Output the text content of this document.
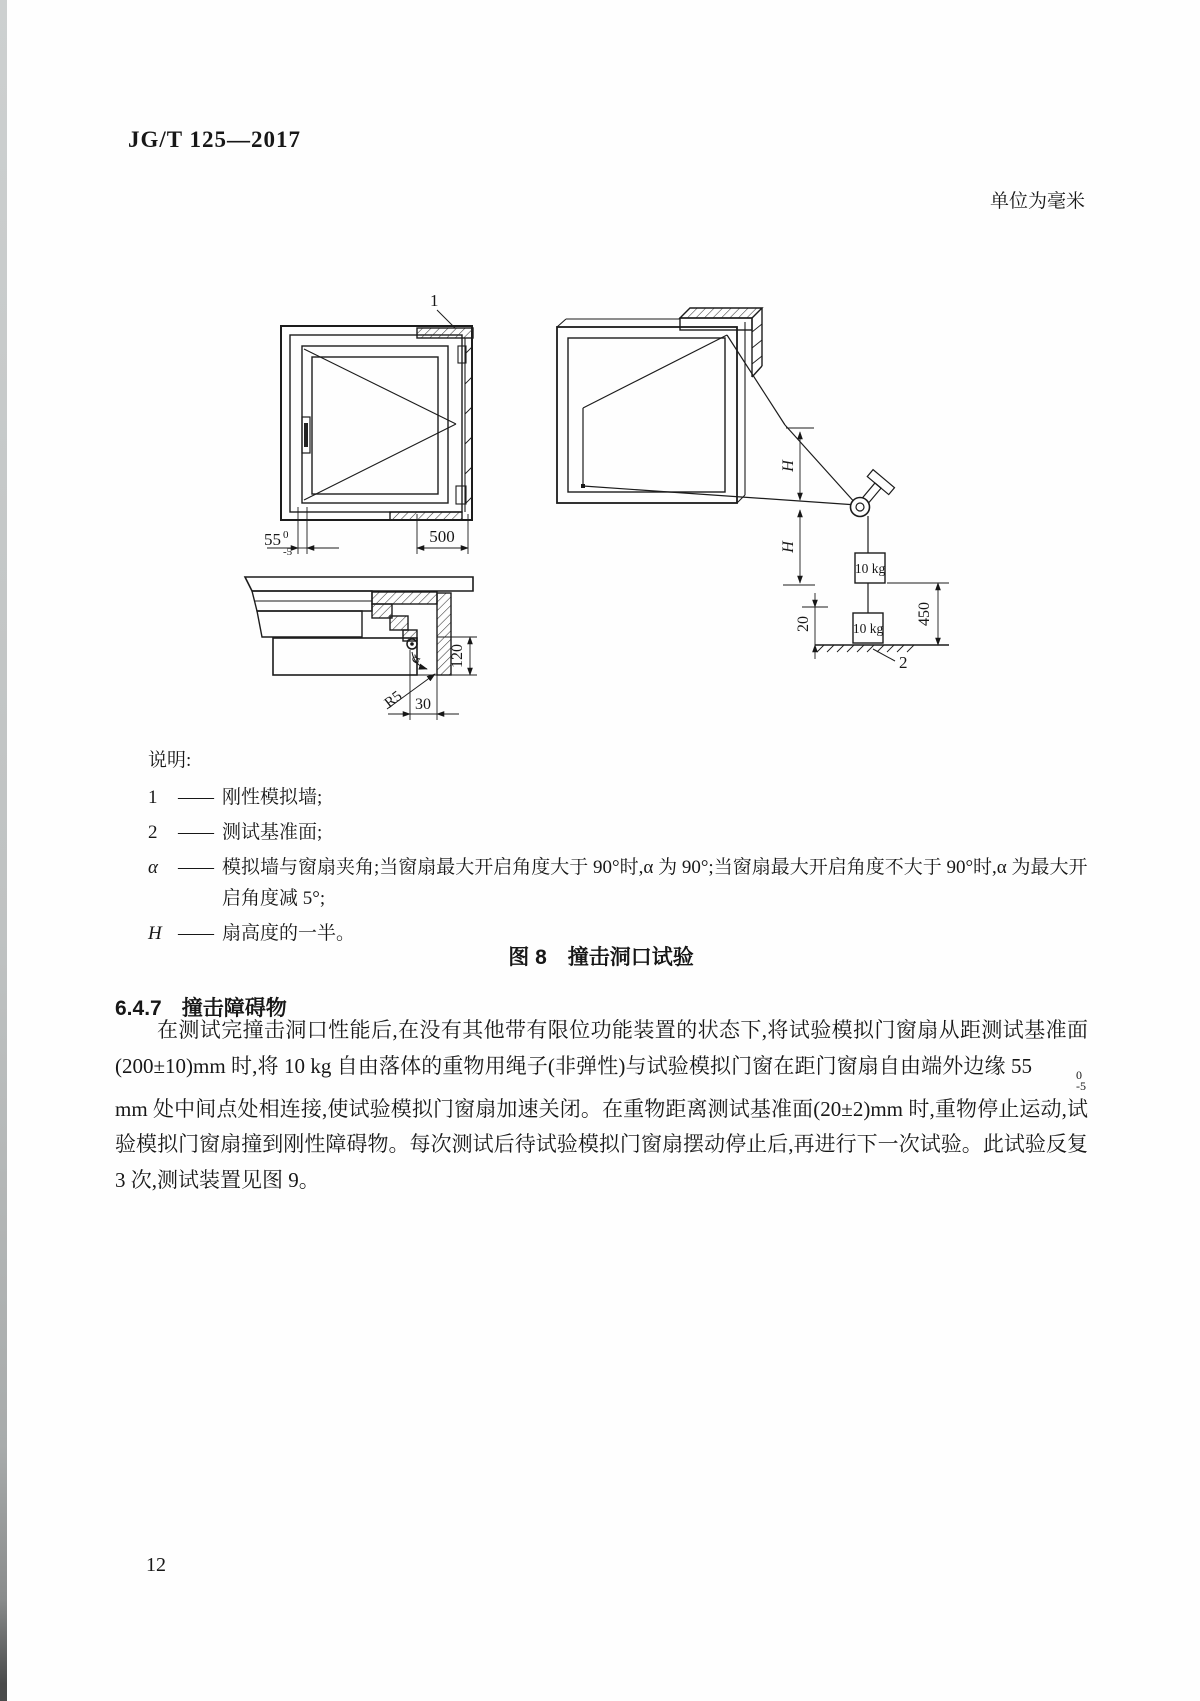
JG/T 125—2017
单位为毫米
1
55 0
-5
500
α 120
R5 30
H
H
10 kg
10 kg
2
20	450
说明:
1	—— 刚性模拟墙;
2	—— 测试基准面;
α	—— 模拟墙与窗扇夹角;当窗扇最大开启角度大于 90°时,α 为 90°;当窗扇最大开启角度不大于 90°时,α 为最大开启角度减 5°;
H —— 扇高度的一半。
图 8　撞击洞口试验
6.4.7 撞击障碍物

在测试完撞击洞口性能后,在没有其他带有限位功能装置的状态下,将试验模拟门窗扇从距测试基准面(200±10)mm 时,将 10 kg 自由落体的重物用绳子(非弹性)与试验模拟门窗在距门窗扇自由端外边缘 55	0
-5
mm 处中间点处相连接,使试验模拟门窗扇加速关闭。在重物距离测试基准面(20±2)mm 时,重物停止运动,试验模拟门窗扇撞到刚性障碍物。每次测试后待试验模拟门窗扇摆动停止后,再进行下一次试验。此试验反复 3 次,测试装置见图 9。

12
